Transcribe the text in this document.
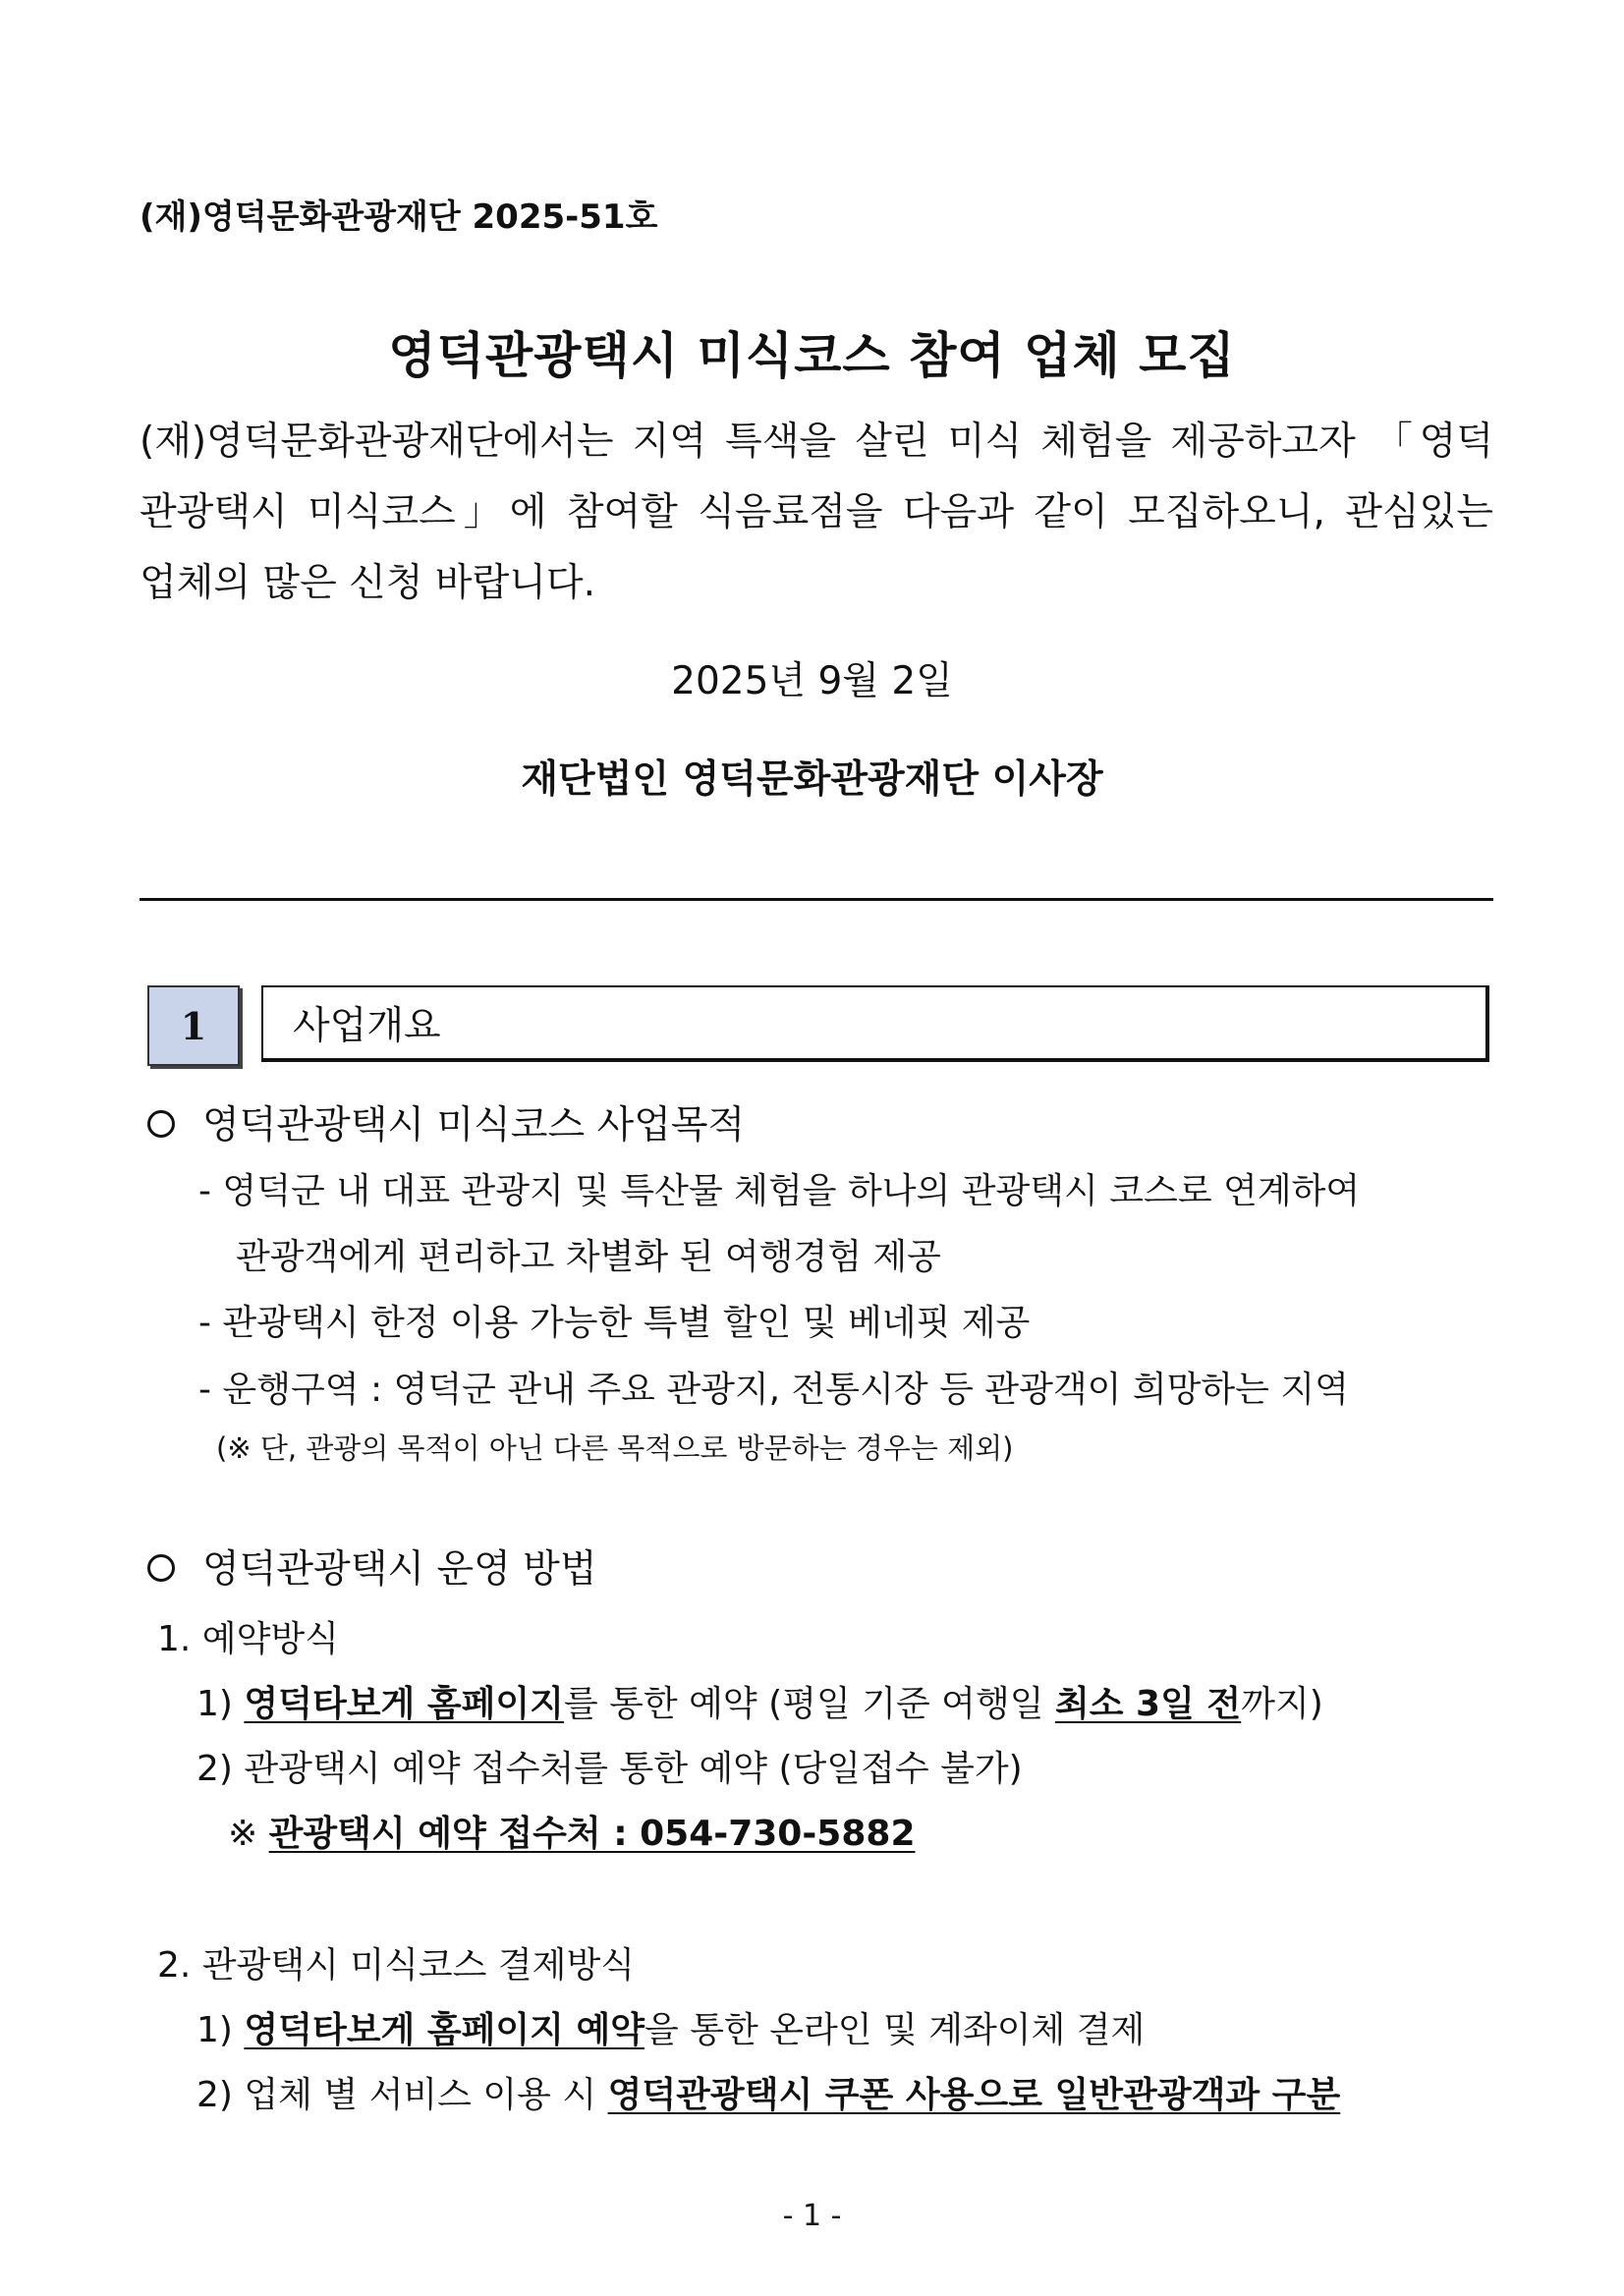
(재)영덕문화관광재단 2025-51호
영덕관광택시 미식코스 참여 업체 모집
(재)영덕문화관광재단에서는 지역 특색을 살린 미식 체험을 제공하고자 「영덕
관광택시 미식코스」에 참여할 식음료점을 다음과 같이 모집하오니, 관심있는
업체의 많은 신청 바랍니다.
2025년 9월 2일
재단법인 영덕문화관광재단 이사장
1 사업개요
영덕관광택시 미식코스 사업목적
- 영덕군 내 대표 관광지 및 특산물 체험을 하나의 관광택시 코스로 연계하여
관광객에게 편리하고 차별화 된 여행경험 제공
- 관광택시 한정 이용 가능한 특별 할인 및 베네핏 제공
- 운행구역 : 영덕군 관내 주요 관광지, 전통시장 등 관광객이 희망하는 지역
(※ 단, 관광의 목적이 아닌 다른 목적으로 방문하는 경우는 제외)
영덕관광택시 운영 방법
1. 예약방식
1) 영덕타보게 홈페이지를 통한 예약 (평일 기준 여행일 최소 3일 전까지)
2) 관광택시 예약 접수처를 통한 예약 (당일접수 불가)
※ 관광택시 예약 접수처 : 054-730-5882
2. 관광택시 미식코스 결제방식
1) 영덕타보게 홈페이지 예약을 통한 온라인 및 계좌이체 결제
2) 업체 별 서비스 이용 시 영덕관광택시 쿠폰 사용으로 일반관광객과 구분
- 1 -
